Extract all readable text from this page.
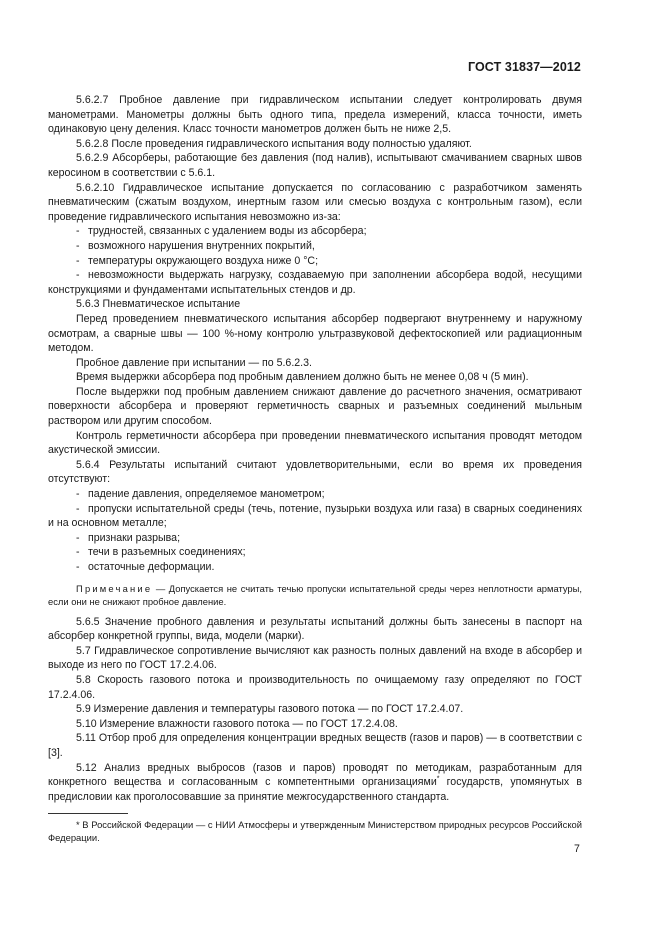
ГОСТ 31837—2012

5.6.2.7 Пробное давление при гидравлическом испытании следует контролировать двумя манометрами. Манометры должны быть одного типа, предела измерений, класса точности, иметь одинаковую цену деления. Класс точности манометров должен быть не ниже 2,5.

5.6.2.8 После проведения гидравлического испытания воду полностью удаляют.

5.6.2.9 Абсорберы, работающие без давления (под налив), испытывают смачиванием сварных швов керосином в соответствии с 5.6.1.

5.6.2.10 Гидравлическое испытание допускается по согласованию с разработчиком заменять пневматическим (сжатым воздухом, инертным газом или смесью воздуха с контрольным газом), если проведение гидравлического испытания невозможно из-за:

- трудностей, связанных с удалением воды из абсорбера;

- возможного нарушения внутренних покрытий,

- температуры окружающего воздуха ниже 0 °C;

- невозможности выдержать нагрузку, создаваемую при заполнении абсорбера водой, несущими конструкциями и фундаментами испытательных стендов и др.

5.6.3 Пневматическое испытание

Перед проведением пневматического испытания абсорбер подвергают внутреннему и наружному осмотрам, а сварные швы — 100 %-ному контролю ультразвуковой дефектоскопией или радиационным методом.

Пробное давление при испытании — по 5.6.2.3.

Время выдержки абсорбера под пробным давлением должно быть не менее 0,08 ч (5 мин).

После выдержки под пробным давлением снижают давление до расчетного значения, осматривают поверхности абсорбера и проверяют герметичность сварных и разъемных соединений мыльным раствором или другим способом.

Контроль герметичности абсорбера при проведении пневматического испытания проводят методом акустической эмиссии.

5.6.4 Результаты испытаний считают удовлетворительными, если во время их проведения отсутствуют:

- падение давления, определяемое манометром;

- пропуски испытательной среды (течь, потение, пузырьки воздуха или газа) в сварных соединениях и на основном металле;

- признаки разрыва;

- течи в разъемных соединениях;

- остаточные деформации.

Примечание — Допускается не считать течью пропуски испытательной среды через неплотности арматуры, если они не снижают пробное давление.

5.6.5 Значение пробного давления и результаты испытаний должны быть занесены в паспорт на абсорбер конкретной группы, вида, модели (марки).

5.7 Гидравлическое сопротивление вычисляют как разность полных давлений на входе в абсорбер и выходе из него по ГОСТ 17.2.4.06.

5.8 Скорость газового потока и производительность по очищаемому газу определяют по ГОСТ 17.2.4.06.

5.9 Измерение давления и температуры газового потока — по ГОСТ 17.2.4.07.

5.10 Измерение влажности газового потока — по ГОСТ 17.2.4.08.

5.11 Отбор проб для определения концентрации вредных веществ (газов и паров) — в соответствии с [3].

5.12 Анализ вредных выбросов (газов и паров) проводят по методикам, разработанным для конкретного вещества и согласованным с компетентными организациями* государств, упомянутых в предисловии как проголосовавшие за принятие межгосударственного стандарта.

* В Российской Федерации — с НИИ Атмосферы и утвержденным Министерством природных ресурсов Российской Федерации.

7
